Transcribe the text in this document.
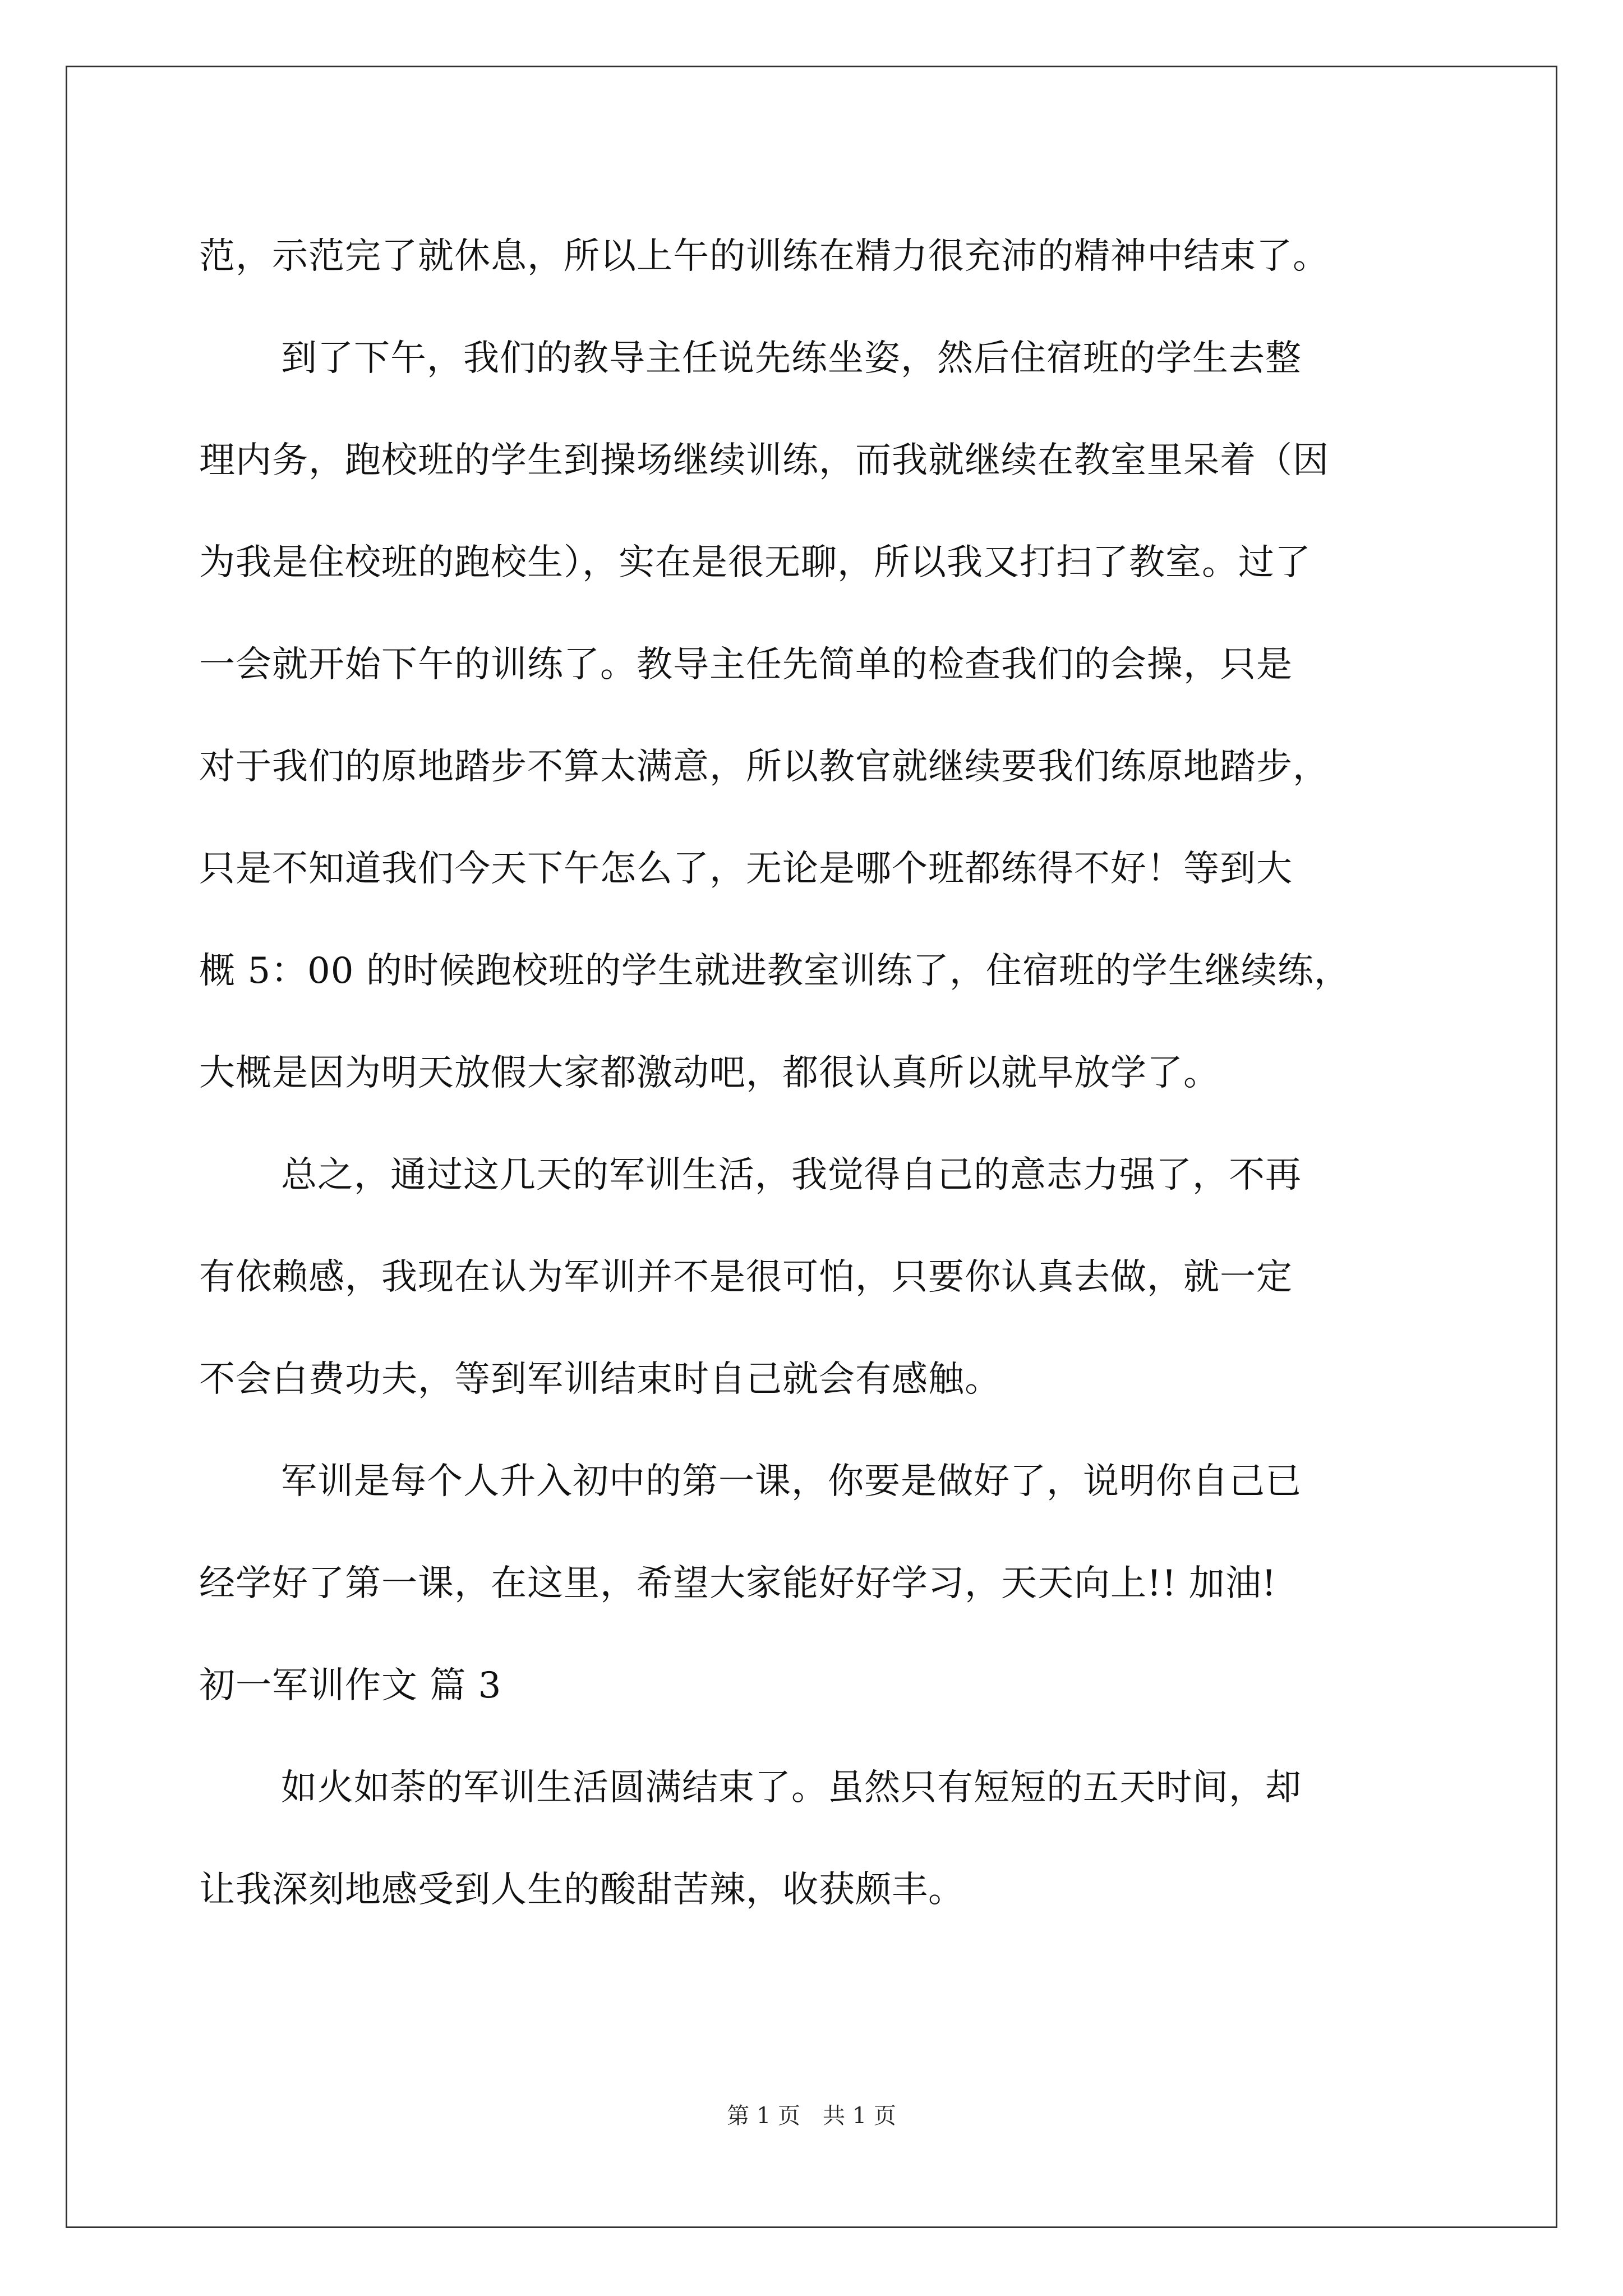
范，示范完了就休息，所以上午的训练在精力很充沛的精神中结束了。
到了下午，我们的教导主任说先练坐姿，然后住宿班的学生去整
理内务，跑校班的学生到操场继续训练，而我就继续在教室里呆着（因
为我是住校班的跑校生），实在是很无聊，所以我又打扫了教室。过了
一会就开始下午的训练了。教导主任先简单的检查我们的会操，只是
对于我们的原地踏步不算太满意，所以教官就继续要我们练原地踏步，
只是不知道我们今天下午怎么了，无论是哪个班都练得不好！等到大
概 5：00 的时候跑校班的学生就进教室训练了，住宿班的学生继续练，
大概是因为明天放假大家都激动吧，都很认真所以就早放学了。
总之，通过这几天的军训生活，我觉得自己的意志力强了，不再
有依赖感，我现在认为军训并不是很可怕，只要你认真去做，就一定
不会白费功夫，等到军训结束时自己就会有感触。
军训是每个人升入初中的第一课，你要是做好了，说明你自己已
经学好了第一课，在这里，希望大家能好好学习，天天向上!! 加油!
初一军训作文 篇 3
如火如荼的军训生活圆满结束了。虽然只有短短的五天时间，却
让我深刻地感受到人生的酸甜苦辣，收获颇丰。
第 1 页 共 1 页
